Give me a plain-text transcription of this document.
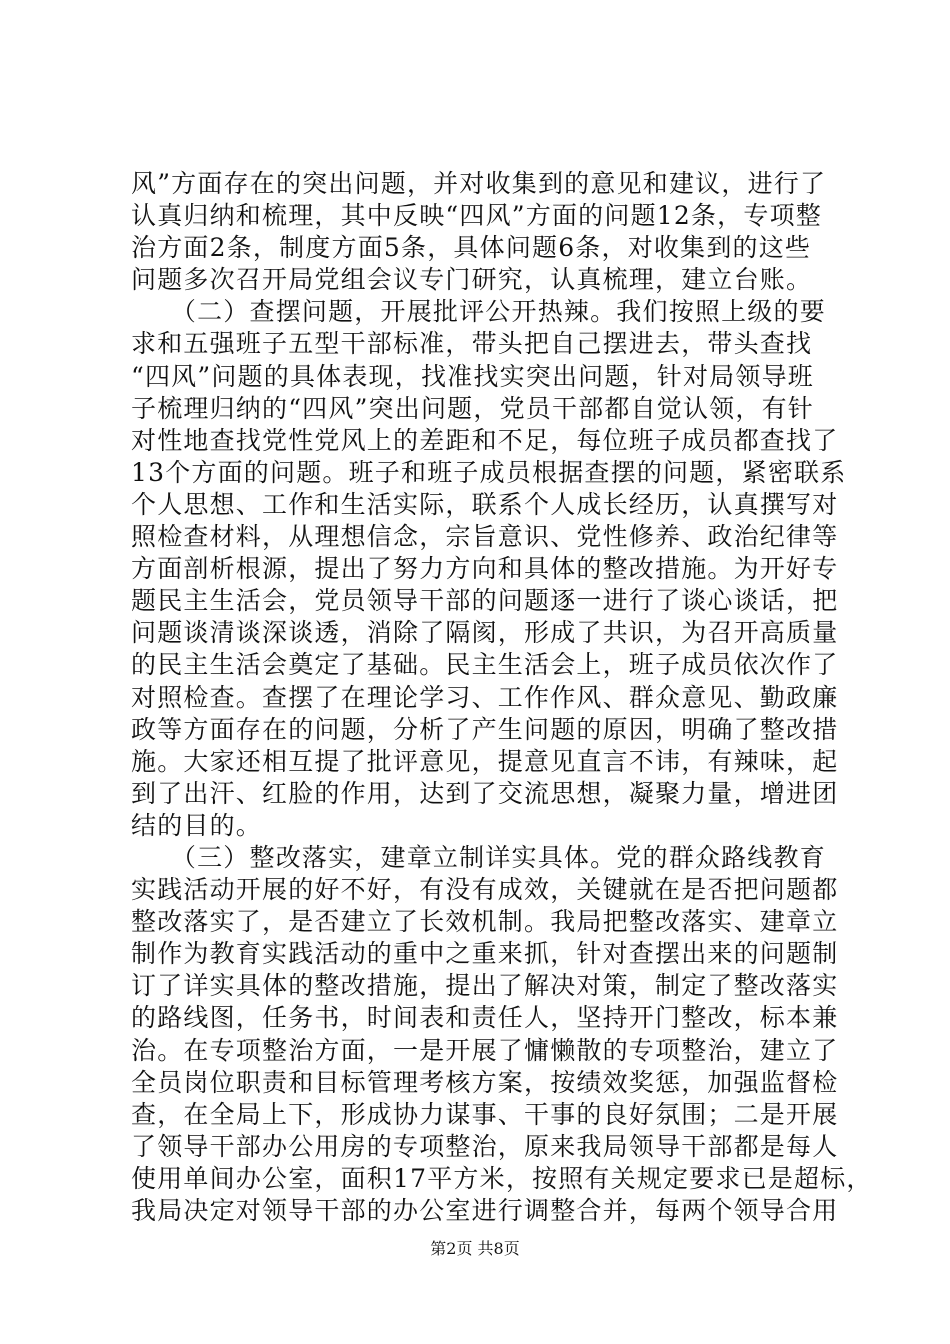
风”方面存在的突出问题，并对收集到的意见和建议，进行了
认真归纳和梳理，其中反映“四风”方面的问题12条，专项整
治方面2条，制度方面5条，具体问题6条，对收集到的这些
问题多次召开局党组会议专门研究，认真梳理，建立台账。
　　（二）查摆问题，开展批评公开热辣。我们按照上级的要
求和五强班子五型干部标准，带头把自己摆进去，带头查找
“四风”问题的具体表现，找准找实突出问题，针对局领导班
子梳理归纳的“四风”突出问题，党员干部都自觉认领，有针
对性地查找党性党风上的差距和不足，每位班子成员都查找了
13个方面的问题。班子和班子成员根据查摆的问题，紧密联系
个人思想、工作和生活实际，联系个人成长经历，认真撰写对
照检查材料，从理想信念，宗旨意识、党性修养、政治纪律等
方面剖析根源，提出了努力方向和具体的整改措施。为开好专
题民主生活会，党员领导干部的问题逐一进行了谈心谈话，把
问题谈清谈深谈透，消除了隔阂，形成了共识，为召开高质量
的民主生活会奠定了基础。民主生活会上，班子成员依次作了
对照检查。查摆了在理论学习、工作作风、群众意见、勤政廉
政等方面存在的问题，分析了产生问题的原因，明确了整改措
施。大家还相互提了批评意见，提意见直言不讳，有辣味，起
到了出汗、红脸的作用，达到了交流思想，凝聚力量，增进团
结的目的。
　　（三）整改落实，建章立制详实具体。党的群众路线教育
实践活动开展的好不好，有没有成效，关键就在是否把问题都
整改落实了，是否建立了长效机制。我局把整改落实、建章立
制作为教育实践活动的重中之重来抓，针对查摆出来的问题制
订了详实具体的整改措施，提出了解决对策，制定了整改落实
的路线图，任务书，时间表和责任人，坚持开门整改，标本兼
治。在专项整治方面，一是开展了慵懒散的专项整治，建立了
全员岗位职责和目标管理考核方案，按绩效奖惩，加强监督检
查，在全局上下，形成协力谋事、干事的良好氛围；二是开展
了领导干部办公用房的专项整治，原来我局领导干部都是每人
使用单间办公室，面积17平方米，按照有关规定要求已是超标，
我局决定对领导干部的办公室进行调整合并，每两个领导合用
第2页 共8页
